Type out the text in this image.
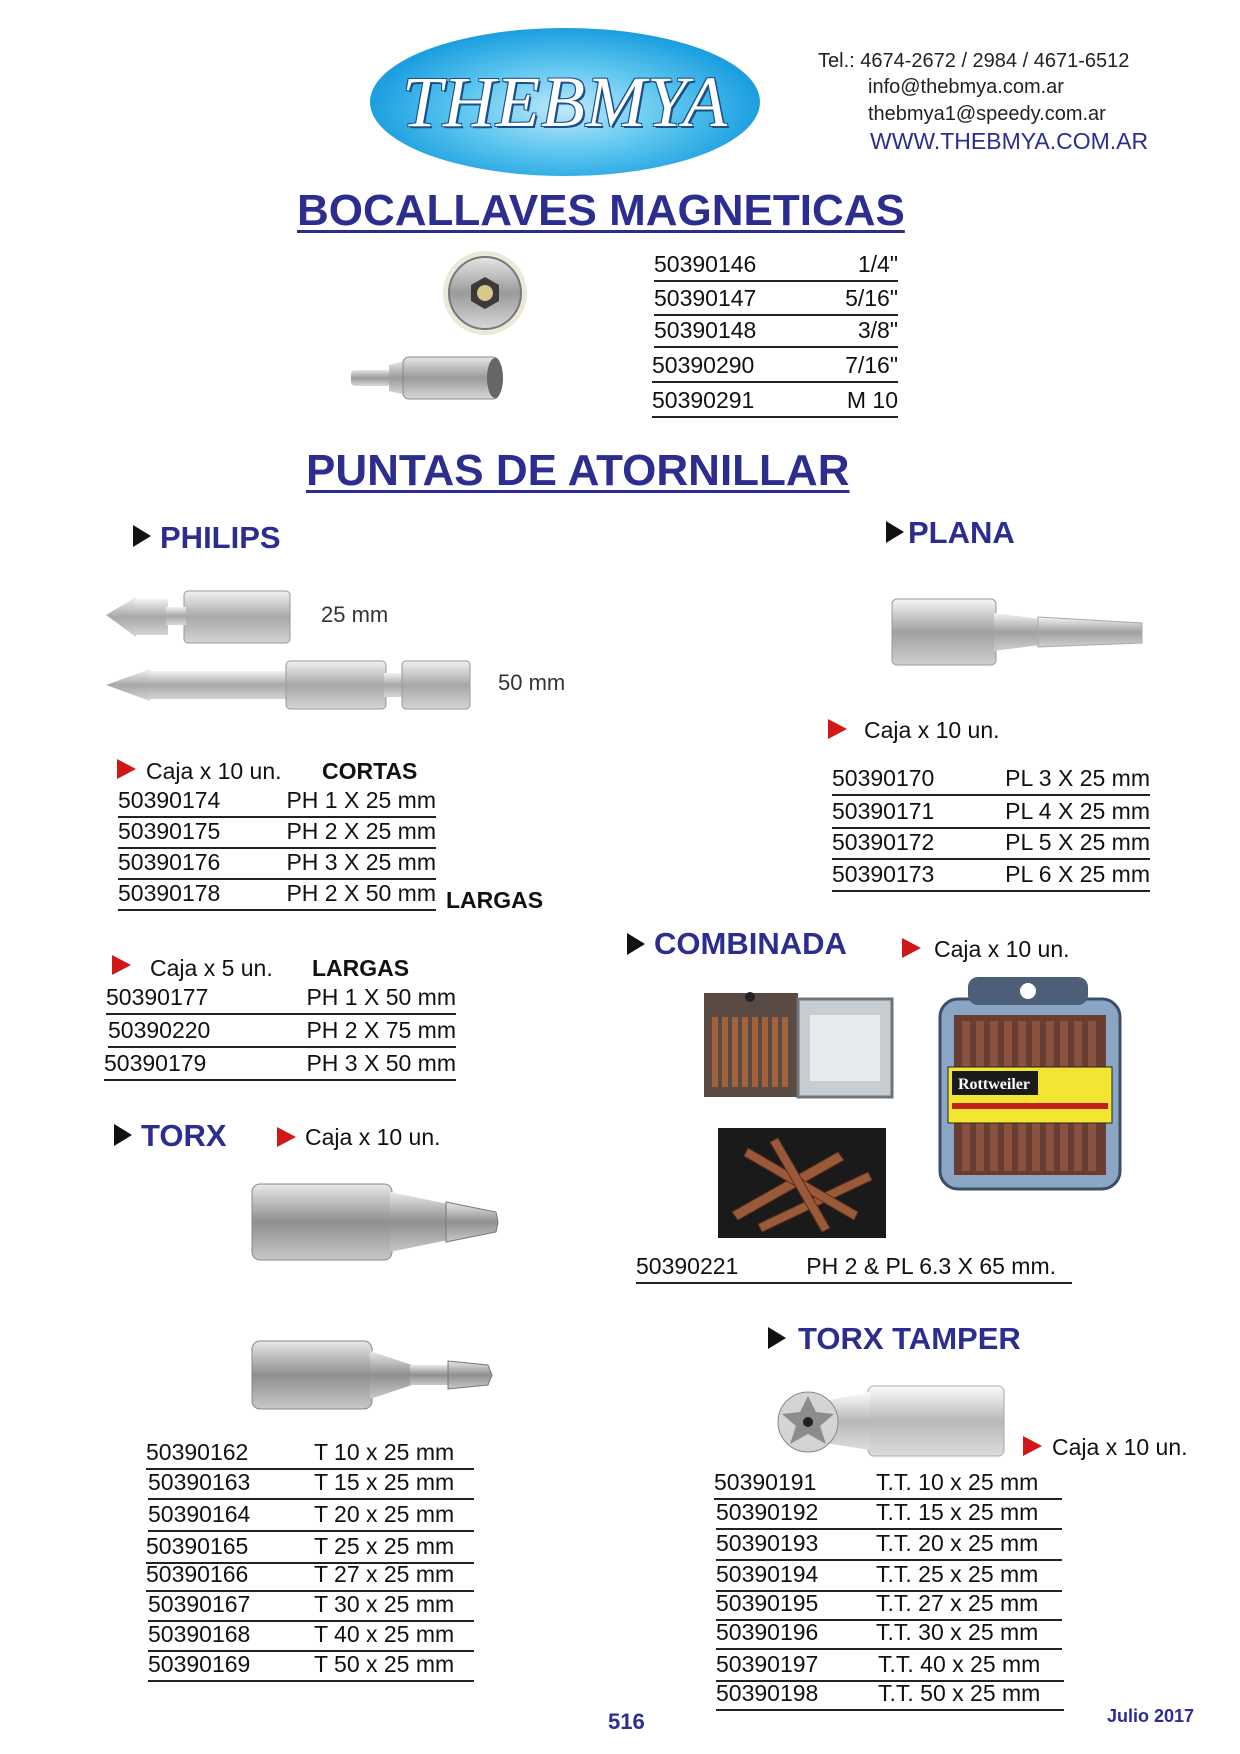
THEBMYA
Tel.: 4674-2672 / 2984 / 4671-6512
info@thebmya.com.ar
thebmya1@speedy.com.ar
WWW.THEBMYA.COM.AR
BOCALLAVES MAGNETICAS
50390146	1/4"
50390147	5/16"
50390148	3/8"
50390290	7/16"
50390291	M 10
PUNTAS DE ATORNILLAR
PHILIPS
25 mm
50 mm
Caja x 10 un. CORTAS
50390174	PH 1 X 25 mm
50390175	PH 2 X 25 mm
50390176	PH 3 X 25 mm
50390178	PH 2 X 50 mm LARGAS
Caja x 5 un. LARGAS
50390177	PH 1 X 50 mm
50390220	PH 2 X 75 mm
50390179	PH 3 X 50 mm
PLANA
Caja x 10 un.
50390170	PL 3 X 25 mm
50390171	PL 4 X 25 mm
50390172	PL 5 X 25 mm
50390173	PL 6 X 25 mm
COMBINADA	Caja x 10 un.
Rottweiler
50390221	PH 2 & PL 6.3 X 65 mm.
TORX	Caja x 10 un.
50390162	T 10 x 25 mm
50390163	T 15 x 25 mm
50390164	T 20 x 25 mm
50390165	T 25 x 25 mm
50390166	T 27 x 25 mm
50390167	T 30 x 25 mm
50390168	T 40 x 25 mm
50390169	T 50 x 25 mm
TORX TAMPER
Caja x 10 un.
50390191	T.T. 10 x 25 mm
50390192	T.T. 15 x 25 mm
50390193	T.T. 20 x 25 mm
50390194	T.T. 25 x 25 mm
50390195	T.T. 27 x 25 mm
50390196	T.T. 30 x 25 mm
50390197	T.T. 40 x 25 mm
50390198	T.T. 50 x 25 mm
516	Julio 2017
